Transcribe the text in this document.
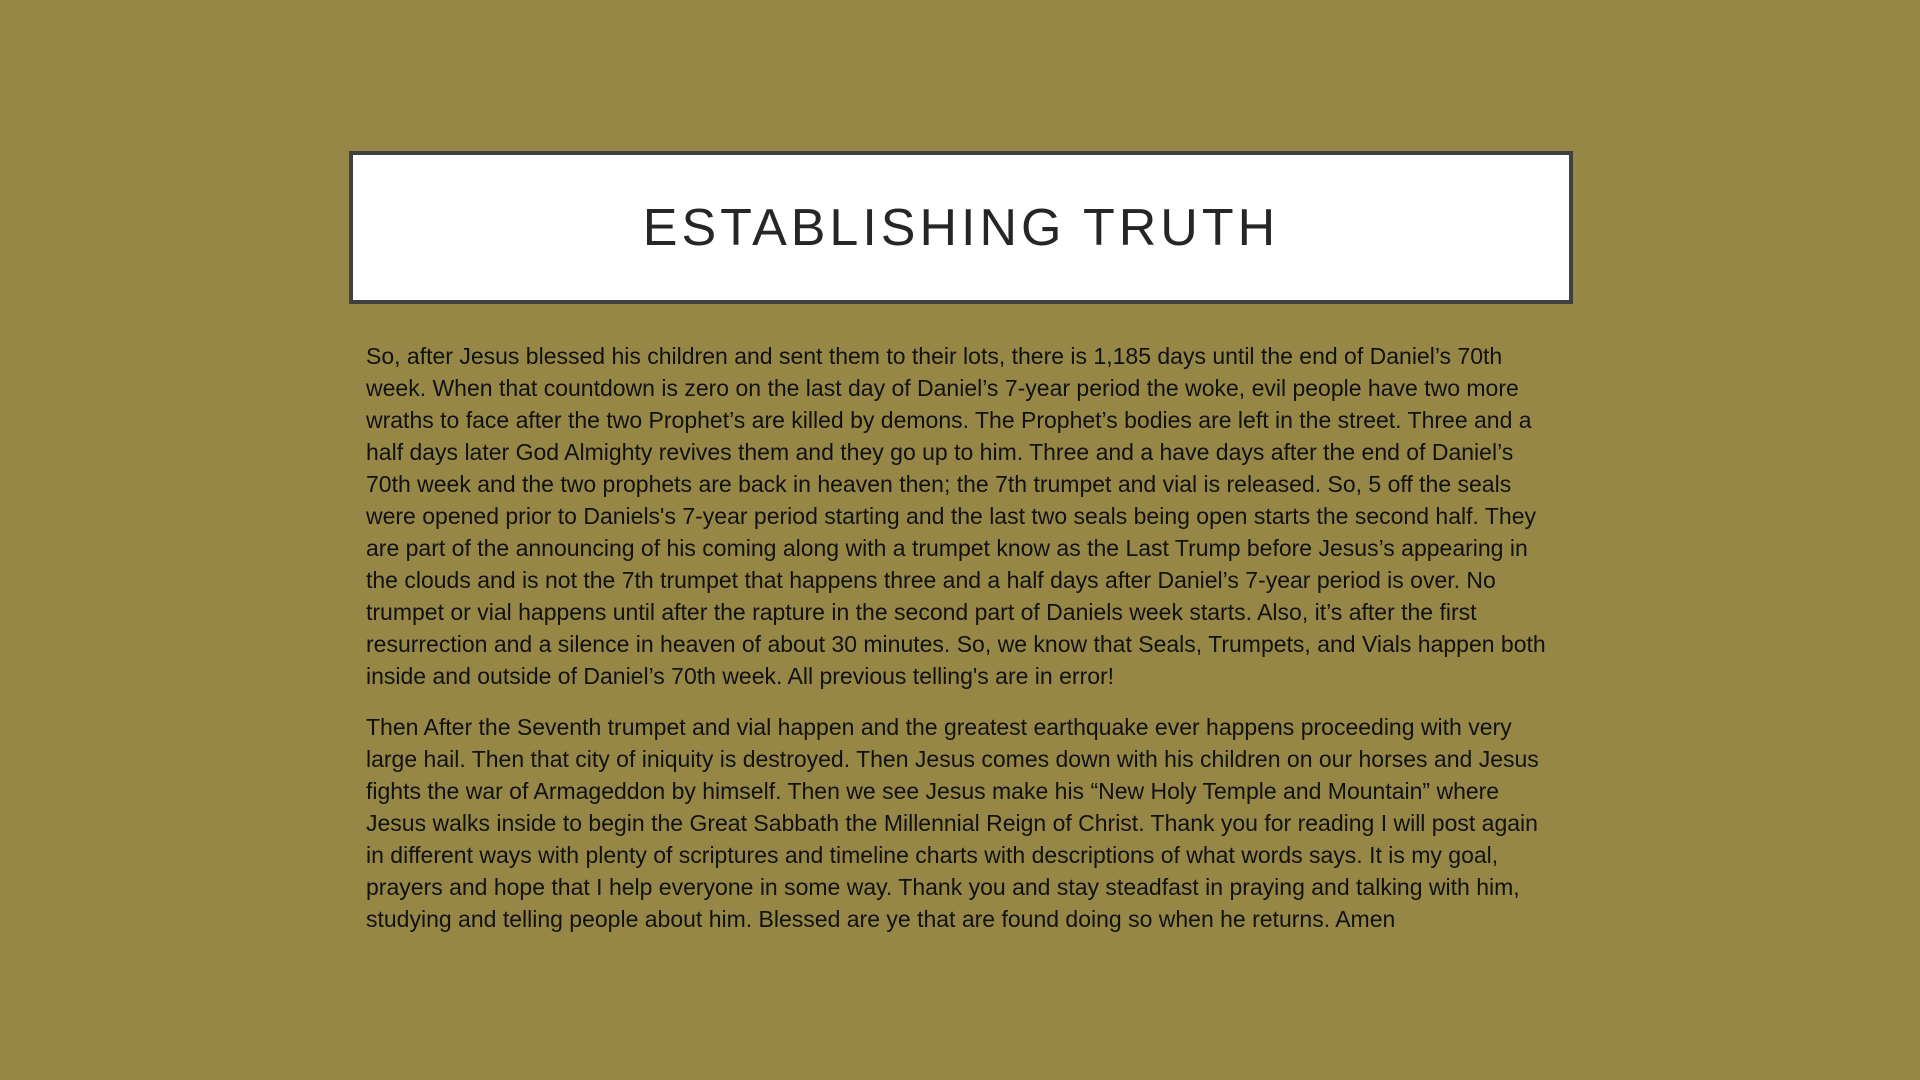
ESTABLISHING TRUTH

So, after Jesus blessed his children and sent them to their lots, there is 1,185 days until the end of Daniel’s 70th week. When that countdown is zero on the last day of Daniel’s 7-year period the woke, evil people have two more wraths to face after the two Prophet’s are killed by demons. The Prophet’s bodies are left in the street. Three and a half days later God Almighty revives them and they go up to him. Three and a have days after the end of Daniel’s 70th week and the two prophets are back in heaven then; the 7th trumpet and vial is released. So, 5 off the seals were opened prior to Daniels's 7-year period starting and the last two seals being open starts the second half. They are part of the announcing of his coming along with a trumpet know as the Last Trump before Jesus’s appearing in the clouds and is not the 7th trumpet that happens three and a half days after Daniel’s 7-year period is over. No trumpet or vial happens until after the rapture in the second part of Daniels week starts. Also, it’s after the first resurrection and a silence in heaven of about 30 minutes. So, we know that Seals, Trumpets, and Vials happen both inside and outside of Daniel’s 70th week. All previous telling's are in error!

Then After the Seventh trumpet and vial happen and the greatest earthquake ever happens proceeding with very large hail. Then that city of iniquity is destroyed. Then Jesus comes down with his children on our horses and Jesus fights the war of Armageddon by himself. Then we see Jesus make his “New Holy Temple and Mountain” where Jesus walks inside to begin the Great Sabbath the Millennial Reign of Christ. Thank you for reading I will post again in different ways with plenty of scriptures and timeline charts with descriptions of what words says. It is my goal, prayers and hope that I help everyone in some way. Thank you and stay steadfast in praying and talking with him, studying and telling people about him. Blessed are ye that are found doing so when he returns. Amen
